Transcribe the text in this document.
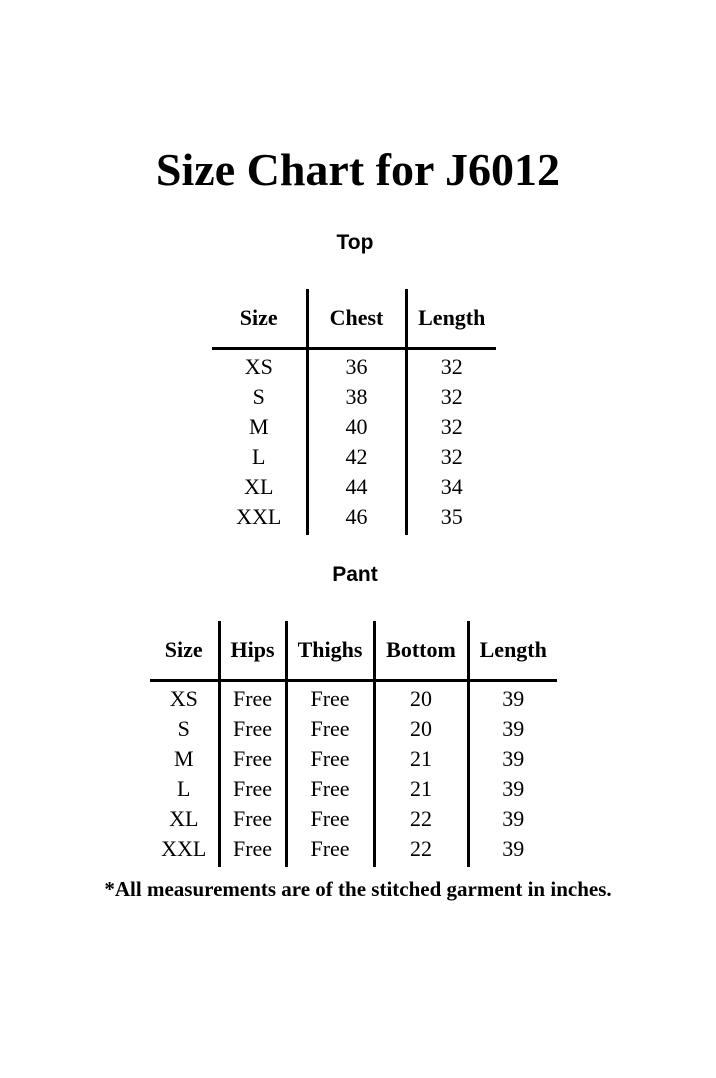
Size Chart for J6012
Top
Size	Chest	Length
XS	36	32
S	38	32
M	40	32
L	42	32
XL	44	34
XXL	46	35
Pant
Size	Hips	Thighs	Bottom	Length
XS	Free	Free	20	39
S	Free	Free	20	39
M	Free	Free	21	39
L	Free	Free	21	39
XL	Free	Free	22	39
XXL	Free	Free	22	39

*All measurements are of the stitched garment in inches.
